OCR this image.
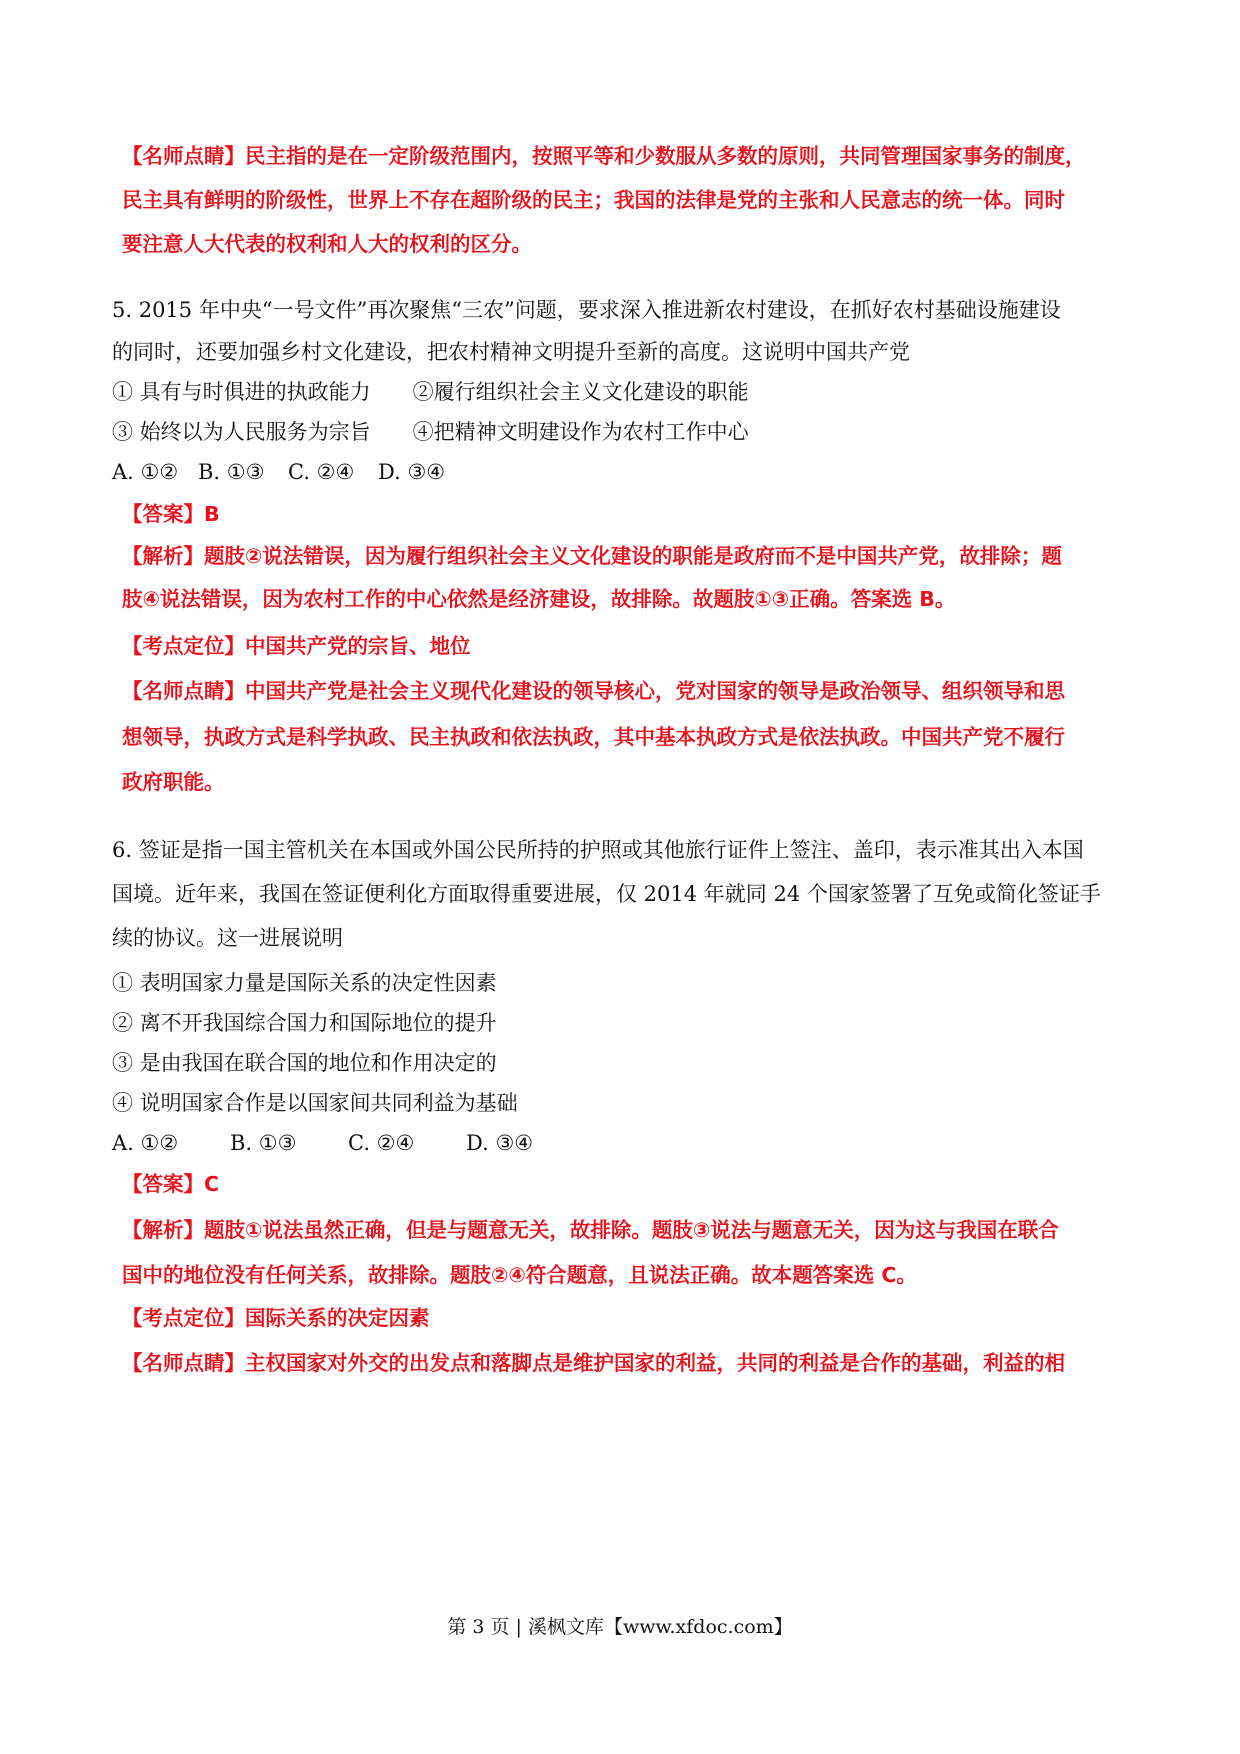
【名师点睛】民主指的是在一定阶级范围内，按照平等和少数服从多数的原则，共同管理国家事务的制度，
民主具有鲜明的阶级性，世界上不存在超阶级的民主；我国的法律是党的主张和人民意志的统一体。同时
要注意人大代表的权利和人大的权利的区分。
5. 2015 年中央“一号文件”再次聚焦“三农”问题，要求深入推进新农村建设，在抓好农村基础设施建设
的同时，还要加强乡村文化建设，把农村精神文明提升至新的高度。这说明中国共产党
① 具有与时俱进的执政能力　　②履行组织社会主义文化建设的职能
③ 始终以为人民服务为宗旨　　④把精神文明建设作为农村工作中心
A. ①② B. ①③ C. ②④ D. ③④
【答案】B
【解析】题肢②说法错误，因为履行组织社会主义文化建设的职能是政府而不是中国共产党，故排除；题
肢④说法错误，因为农村工作的中心依然是经济建设，故排除。故题肢①③正确。答案选 B。
【考点定位】中国共产党的宗旨、地位
【名师点睛】中国共产党是社会主义现代化建设的领导核心，党对国家的领导是政治领导、组织领导和思
想领导，执政方式是科学执政、民主执政和依法执政，其中基本执政方式是依法执政。中国共产党不履行
政府职能。
6. 签证是指一国主管机关在本国或外国公民所持的护照或其他旅行证件上签注、盖印，表示准其出入本国
国境。近年来，我国在签证便利化方面取得重要进展，仅 2014 年就同 24 个国家签署了互免或简化签证手
续的协议。这一进展说明
① 表明国家力量是国际关系的决定性因素
② 离不开我国综合国力和国际地位的提升
③ 是由我国在联合国的地位和作用决定的
④ 说明国家合作是以国家间共同利益为基础
A. ①② B. ①③ C. ②④ D. ③④
【答案】C
【解析】题肢①说法虽然正确，但是与题意无关，故排除。题肢③说法与题意无关，因为这与我国在联合
国中的地位没有任何关系，故排除。题肢②④符合题意，且说法正确。故本题答案选 C。
【考点定位】国际关系的决定因素
【名师点睛】主权国家对外交的出发点和落脚点是维护国家的利益，共同的利益是合作的基础，利益的相
第 3 页 | 溪枫文库【www.xfdoc.com】
